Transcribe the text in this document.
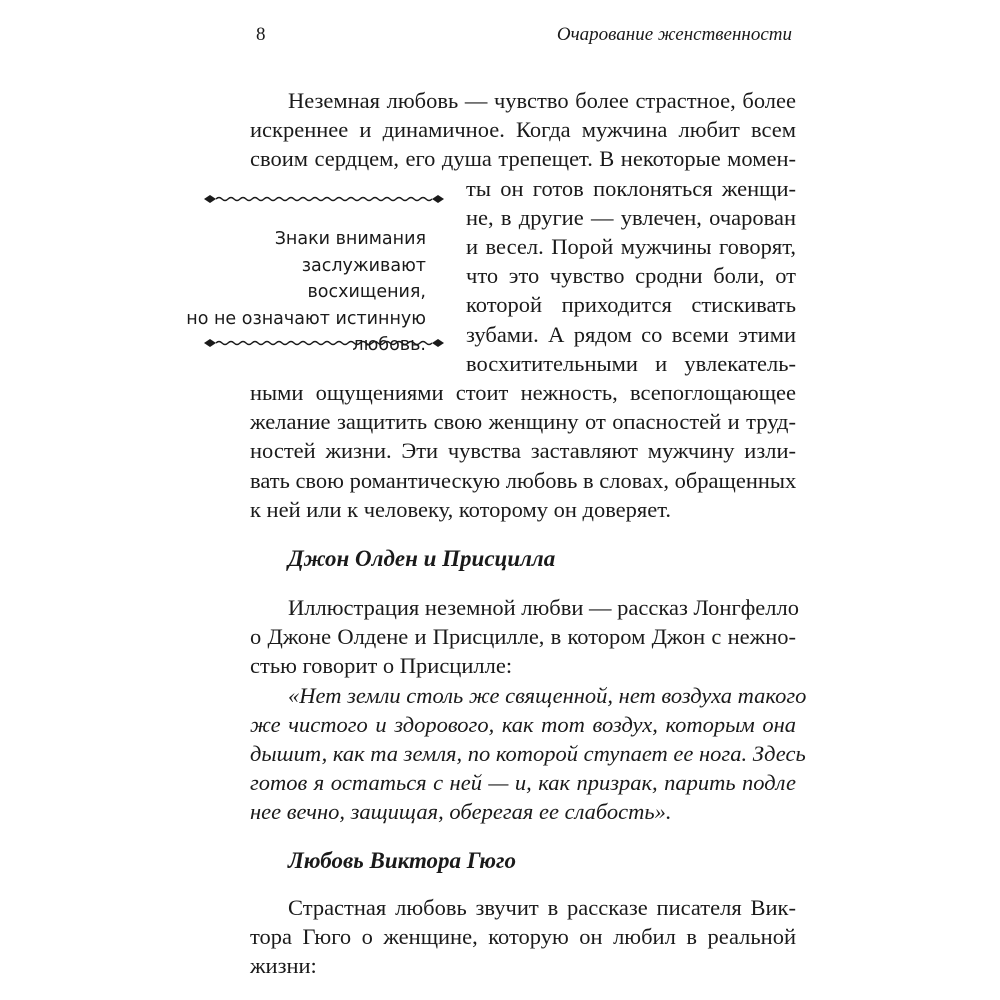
8	Очарование женственности
Неземная любовь — чувство более страстное, более
искреннее и динамичное. Когда мужчина любит всем
своим сердцем, его душа трепещет. В некоторые момен-
ты он готов поклоняться женщи-
не, в другие — увлечен, очарован
и весел. Порой мужчины говорят,
что это чувство сродни боли, от
которой приходится стискивать
зубами. А рядом со всеми этими
восхитительными и увлекатель-
ными ощущениями стоит нежность, всепоглощающее
желание защитить свою женщину от опасностей и труд-
ностей жизни. Эти чувства заставляют мужчину изли-
вать свою романтическую любовь в словах, обращенных
к ней или к человеку, которому он доверяет.
Знаки внимания
заслуживают восхищения,
но не означают истинную
любовь.
Джон Олден и Присцилла
Иллюстрация неземной любви — рассказ Лонгфелло
о Джоне Олдене и Присцилле, в котором Джон с нежно-
стью говорит о Присцилле:
«Нет земли столь же священной, нет воздуха такого
же чистого и здорового, как тот воздух, которым она
дышит, как та земля, по которой ступает ее нога. Здесь
готов я остаться с ней — и, как призрак, парить подле
нее вечно, защищая, оберегая ее слабость».
Любовь Виктора Гюго
Страстная любовь звучит в рассказе писателя Вик-
тора Гюго о женщине, которую он любил в реальной
жизни:
